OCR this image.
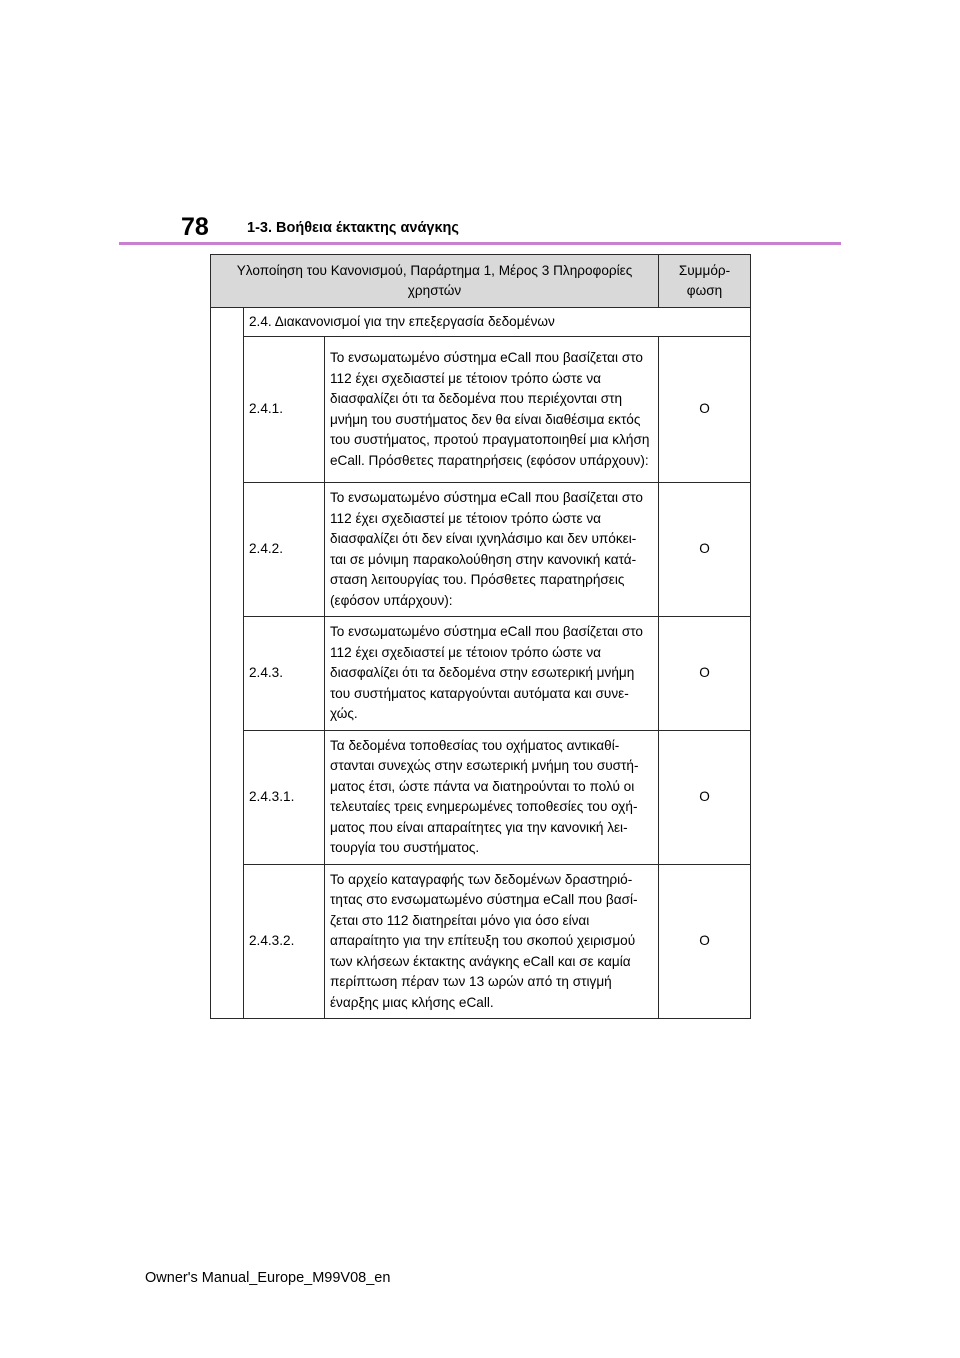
78	1-3. Βοήθεια έκτακτης ανάγκης
Υλοποίηση του Κανονισμού, Παράρτημα 1, Μέρος 3 Πληροφορίες χρηστών			Συμμόρ-φωση
	2.4. Διακανονισμοί για την επεξεργασία δεδομένων		
	2.4.1.	Το ενσωματωμένο σύστημα eCall που βασίζεται στο 112 έχει σχεδιαστεί με τέτοιον τρόπο ώστε να διασφαλίζει ότι τα δεδομένα που περιέχονται στη μνήμη του συστήματος δεν θα είναι διαθέσιμα εκτός του συστήματος, προτού πραγματοποιηθεί μια κλήση eCall. Πρόσθετες παρατηρήσεις (εφόσον υπάρχουν):	O
	2.4.2.	Το ενσωματωμένο σύστημα eCall που βασίζεται στο 112 έχει σχεδιαστεί με τέτοιον τρόπο ώστε να διασφαλίζει ότι δεν είναι ιχνηλάσιμο και δεν υπόκει-ται σε μόνιμη παρακολούθηση στην κανονική κατά-σταση λειτουργίας του. Πρόσθετες παρατηρήσεις (εφόσον υπάρχουν):	O
	2.4.3.	Το ενσωματωμένο σύστημα eCall που βασίζεται στο 112 έχει σχεδιαστεί με τέτοιον τρόπο ώστε να διασφαλίζει ότι τα δεδομένα στην εσωτερική μνήμη του συστήματος καταργούνται αυτόματα και συνε-χώς.	O
	2.4.3.1.	Τα δεδομένα τοποθεσίας του οχήματος αντικαθί-στανται συνεχώς στην εσωτερική μνήμη του συστή-ματος έτσι, ώστε πάντα να διατηρούνται το πολύ οι τελευταίες τρεις ενημερωμένες τοποθεσίες του οχή-ματος που είναι απαραίτητες για την κανονική λει-τουργία του συστήματος.	O
	2.4.3.2.	Το αρχείο καταγραφής των δεδομένων δραστηριό-τητας στο ενσωματωμένο σύστημα eCall που βασί-ζεται στο 112 διατηρείται μόνο για όσο είναι απαραίτητο για την επίτευξη του σκοπού χειρισμού των κλήσεων έκτακτης ανάγκης eCall και σε καμία περίπτωση πέραν των 13 ωρών από τη στιγμή έναρξης μιας κλήσης eCall.	O
Owner's Manual_Europe_M99V08_en
